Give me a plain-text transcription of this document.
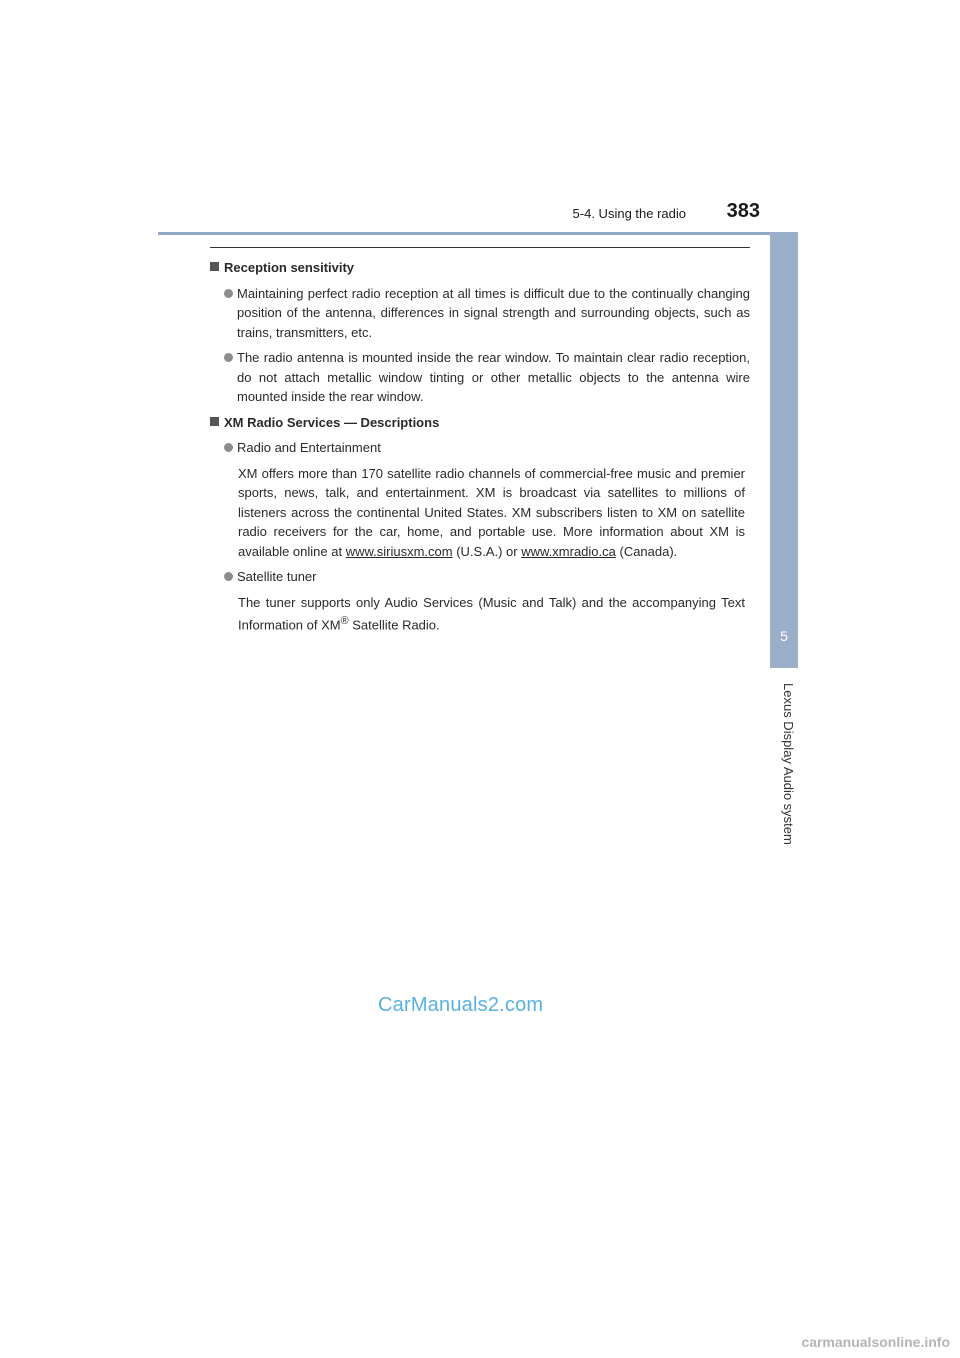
5-4. Using the radio	383
5
Lexus Display Audio system
Reception sensitivity
Maintaining perfect radio reception at all times is difficult due to the continually changing position of the antenna, differences in signal strength and surrounding objects, such as trains, transmitters, etc.
The radio antenna is mounted inside the rear window. To maintain clear radio reception, do not attach metallic window tinting or other metallic objects to the antenna wire mounted inside the rear window.
XM Radio Services — Descriptions
Radio and Entertainment
XM offers more than 170 satellite radio channels of commercial-free music and premier sports, news, talk, and entertainment. XM is broadcast via satellites to millions of listeners across the continental United States. XM subscribers listen to XM on satellite radio receivers for the car, home, and portable use. More information about XM is available online at www.siriusxm.com (U.S.A.) or www.xmradio.ca (Canada).
Satellite tuner
The tuner supports only Audio Services (Music and Talk) and the accompanying Text Information of XM® Satellite Radio.
CarManuals2.com
carmanualsonline.info
